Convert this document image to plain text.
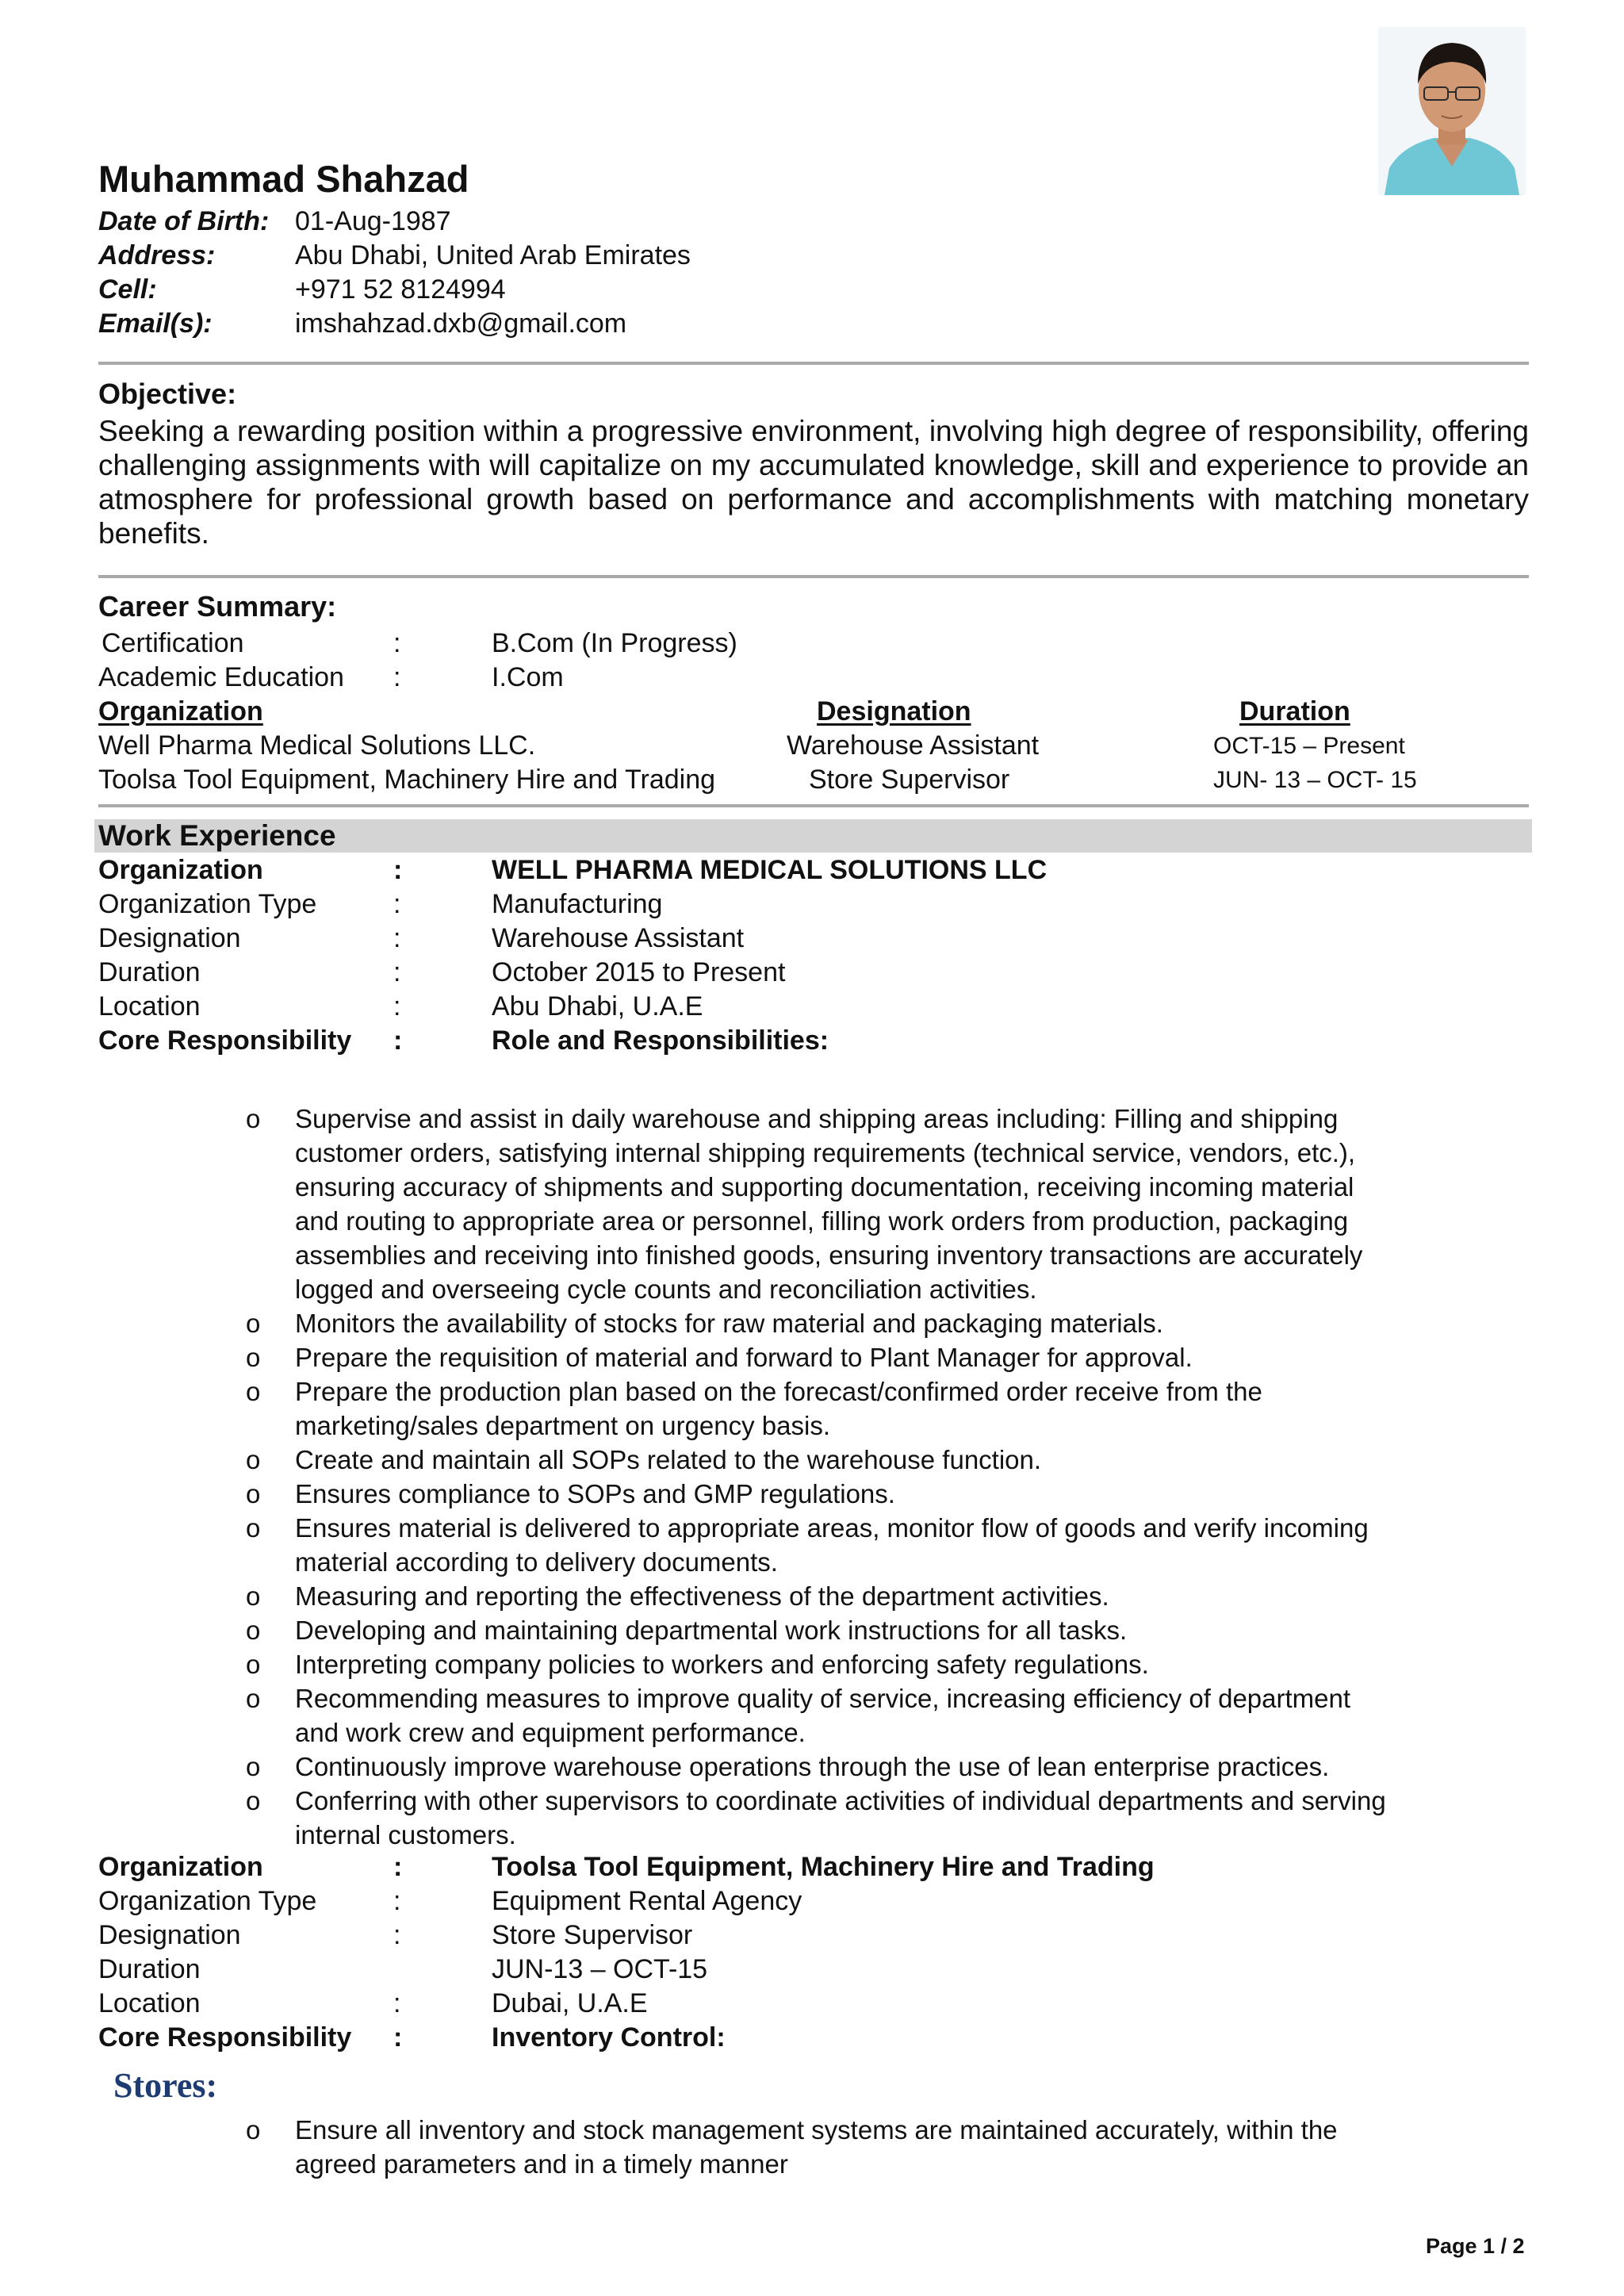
Muhammad Shahzad
Date of Birth: 01-Aug-1987
Address:	Abu Dhabi, United Arab Emirates
Cell:	+971 52 8124994
Email(s):	imshahzad.dxb@gmail.com
Objective:

Seeking a rewarding position within a progressive environment, involving high degree of responsibility, offering challenging assignments with will capitalize on my accumulated knowledge, skill and experience to provide an atmosphere for professional growth based on performance and accomplishments with matching monetary benefits.

Career Summary:
Certification	:	B.Com (In Progress)
Academic Education :	I.Com
Organization	Designation	Duration
Well Pharma Medical Solutions LLC.	Warehouse Assistant	OCT-15 – Present
Toolsa Tool Equipment, Machinery Hire and Trading	Store Supervisor	JUN- 13 – OCT- 15
Work Experience
Organization	:	WELL PHARMA MEDICAL SOLUTIONS LLC
Organization Type	:	Manufacturing
Designation	:	Warehouse Assistant
Duration	:	October 2015 to Present
Location	:	Abu Dhabi, U.A.E
Core Responsibility :	Role and Responsibilities:
o Supervise and assist in daily warehouse and shipping areas including: Filling and shipping
customer orders, satisfying internal shipping requirements (technical service, vendors, etc.),
ensuring accuracy of shipments and supporting documentation, receiving incoming material
and routing to appropriate area or personnel, filling work orders from production, packaging
assemblies and receiving into finished goods, ensuring inventory transactions are accurately
logged and overseeing cycle counts and reconciliation activities.
o Monitors the availability of stocks for raw material and packaging materials.
o Prepare the requisition of material and forward to Plant Manager for approval.
o Prepare the production plan based on the forecast/confirmed order receive from the
marketing/sales department on urgency basis.
o Create and maintain all SOPs related to the warehouse function.
o Ensures compliance to SOPs and GMP regulations.
o Ensures material is delivered to appropriate areas, monitor flow of goods and verify incoming
material according to delivery documents.
o Measuring and reporting the effectiveness of the department activities.
o Developing and maintaining departmental work instructions for all tasks.
o Interpreting company policies to workers and enforcing safety regulations.
o Recommending measures to improve quality of service, increasing efficiency of department
and work crew and equipment performance.
o Continuously improve warehouse operations through the use of lean enterprise practices.
o Conferring with other supervisors to coordinate activities of individual departments and serving
internal customers.
Organization	:	Toolsa Tool Equipment, Machinery Hire and Trading
Organization Type	:	Equipment Rental Agency
Designation	:	Store Supervisor
Duration	JUN-13 – OCT-15
Location	:	Dubai, U.A.E
Core Responsibility :	Inventory Control:
Stores:
o Ensure all inventory and stock management systems are maintained accurately, within the
agreed parameters and in a timely manner
Page 1 / 2
